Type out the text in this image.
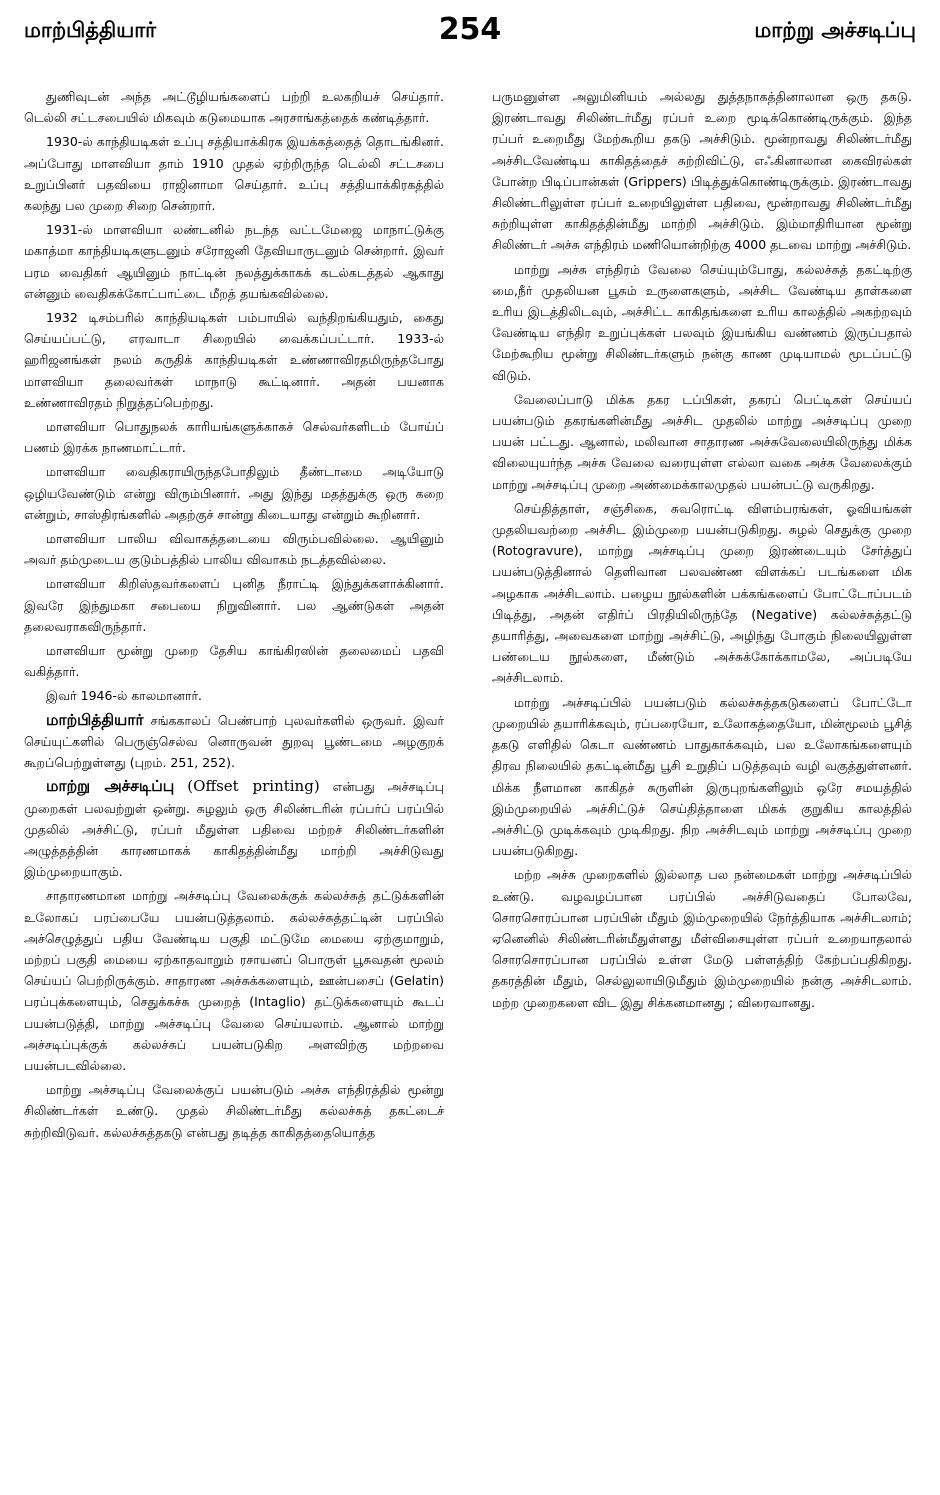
மாற்பித்தியார்	254	மாற்று அச்சடிப்பு

துணிவுடன் அந்த அட்டூழியங்களைப் பற்றி உலகறியச் செய்தார். டெல்லி சட்டசபையில் மிகவும் கடுமையாக அரசாங்கத்தைக் கண்டித்தார்.

1930-ல் காந்தியடிகள் உப்பு சத்தியாக்கிரக இயக்கத்தைத் தொடங்கினர். அப்போது மாளவியா தாம் 1910 முதல் ஏற்றிருந்த டெல்லி சட்டசபை உறுப்பினர் பதவியை ராஜினாமா செய்தார். உப்பு சத்தியாக்கிரகத்தில் கலந்து பல முறை சிறை சென்றார்.

1931-ல் மாளவியா லண்டனில் நடந்த வட்டமேஜை மாநாட்டுக்கு மகாத்மா காந்தியடிகளுடனும் சரோஜனி தேவியாருடனும் சென்றார். இவர் பரம வைதிகர் ஆயினும் நாட்டின் நலத்துக்காகக் கடல்கடத்தல் ஆகாது என்னும் வைதிகக்கோட்பாட்டை மீறத் தயங்கவில்லை.

1932 டிசம்பரில் காந்தியடிகள் பம்பாயில் வந்திறங்கியதும், கைது செய்யப்பட்டு, எரவாடா சிறையில் வைக்கப்பட்டார். 1933-ல் ஹரிஜனங்கள் நலம் கருதிக் காந்தியடிகள் உண்ணாவிரதமிருந்தபோது மாளவியா தலைவர்கள் மாநாடு கூட்டினார். அதன் பயனாக உண்ணாவிரதம் நிறுத்தப்பெற்றது.

மாளவியா பொதுநலக் காரியங்களுக்காகச் செல்வர்களிடம் போய்ப் பணம் இரக்க நாணமாட்டார்.

மாளவியா வைதிகராயிருந்தபோதிலும் தீண்டாமை அடியோடு ஒழியவேண்டும் என்று விரும்பினார். அது இந்து மதத்துக்கு ஒரு கறை என்றும், சாஸ்திரங்களில் அதற்குச் சான்று கிடையாது என்றும் கூறினார்.

மாளவியா பாலிய விவாகத்தடையை விரும்பவில்லை. ஆயினும் அவர் தம்முடைய குடும்பத்தில் பாலிய விவாகம் நடத்தவில்லை.

மாளவியா கிறிஸ்தவர்களைப் புனித நீராட்டி இந்துக்களாக்கினார். இவரே இந்துமகா சபையை நிறுவினார். பல ஆண்டுகள் அதன் தலைவராகவிருந்தார்.

மாளவியா மூன்று முறை தேசிய காங்கிரஸின் தலைமைப் பதவி வகித்தார்.

இவர் 1946-ல் காலமானார்.

மாற்பித்தியார் சங்ககாலப் பெண்பாற் புலவர்களில் ஒருவர். இவர் செய்யுட்களில் பெருஞ்செல்வ னொருவன் துறவு பூண்டமை அழகுறக் கூறப்பெற்றுள்ளது (புறம். 251, 252).

மாற்று அச்சடிப்பு (Offset printing) என்பது அச்சடிப்பு முறைகள் பலவற்றுள் ஒன்று. சுழலும் ஒரு சிலிண்டரின் ரப்பர்ப் பரப்பில் முதலில் அச்சிட்டு, ரப்பர் மீதுள்ள பதிவை மற்றச் சிலிண்டர்களின் அழுத்தத்தின் காரணமாகக் காகிதத்தின்மீது மாற்றி அச்சிடுவது இம்முறையாகும்.

சாதாரணமான மாற்று அச்சடிப்பு வேலைக்குக் கல்லச்சுத் தட்டுக்களின் உலோகப் பரப்பையே பயன்படுத்தலாம். கல்லச்சுத்தட்டின் பரப்பில் அச்செழுத்துப் பதிய வேண்டிய பகுதி மட்டுமே மையை ஏற்குமாறும், மற்றப் பகுதி மையை ஏற்காதவாறும் ரசாயனப் பொருள் பூசுவதன் மூலம் செய்யப் பெற்றிருக்கும். சாதாரண அச்சுக்களையும், ஊன்பசைப் (Gelatin) பரப்புக்களையும், செதுக்கச்சு முறைத் (Intaglio) தட்டுக்களையும் கூடப் பயன்படுத்தி, மாற்று அச்சடிப்பு வேலை செய்யலாம். ஆனால் மாற்று அச்சடிப்புக்குக் கல்லச்சுப் பயன்படுகிற அளவிற்கு மற்றவை பயன்படவில்லை.

மாற்று அச்சடிப்பு வேலைக்குப் பயன்படும் அச்சு எந்திரத்தில் மூன்று சிலிண்டர்கள் உண்டு. முதல் சிலிண்டர்மீது கல்லச்சுத் தகட்டைச் சுற்றிவிடுவர். கல்லச்சுத்தகடு என்பது தடித்த காகிதத்தையொத்த

பருமனுள்ள அலுமினியம் அல்லது துத்தநாகத்தினாலான ஒரு தகடு. இரண்டாவது சிலிண்டர்மீது ரப்பர் உறை மூடிக்கொண்டிருக்கும். இந்த ரப்பர் உறைமீது மேற்கூறிய தகடு அச்சிடும். மூன்றாவது சிலிண்டர்மீது அச்சிடவேண்டிய காகிதத்தைச் சுற்றிவிட்டு, எஃகினாலான கைவிரல்கள் போன்ற பிடிப்பான்கள் (Grippers) பிடித்துக்கொண்டிருக்கும். இரண்டாவது சிலிண்டரிலுள்ள ரப்பர் உறையிலுள்ள பதிவை, மூன்றாவது சிலிண்டர்மீது சுற்றியுள்ள காகிதத்தின்மீது மாற்றி அச்சிடும். இம்மாதிரியான மூன்று சிலிண்டர் அச்சு எந்திரம் மணியொன்றிற்கு 4000 தடவை மாற்று அச்சிடும்.

மாற்று அச்சு எந்திரம் வேலை செய்யும்போது, கல்லச்சுத் தகட்டிற்கு மை,நீர் முதலியன பூசும் உருளைகளும், அச்சிட வேண்டிய தாள்களை உரிய இடத்திலிடவும், அச்சிட்ட காகிதங்களை உரிய காலத்தில் அகற்றவும் வேண்டிய எந்திர உறுப்புக்கள் பலவும் இயங்கிய வண்ணம் இருப்பதால் மேற்கூறிய மூன்று சிலிண்டர்களும் நன்கு காண முடியாமல் மூடப்பட்டு விடும்.

வேலைப்பாடு மிக்க தகர டப்பிகள், தகரப் பெட்டிகள் செய்யப் பயன்படும் தகரங்களின்மீது அச்சிட முதலில் மாற்று அச்சடிப்பு முறை பயன் பட்டது. ஆனால், மலிவான சாதாரண அச்சுவேலையிலிருந்து மிக்க விலையுயர்ந்த அச்சு வேலை வரையுள்ள எல்லா வகை அச்சு வேலைக்கும் மாற்று அச்சடிப்பு முறை அண்மைக்காலமுதல் பயன்பட்டு வருகிறது.

செய்தித்தாள், சஞ்சிகை, சுவரொட்டி விளம்பரங்கள், ஓவியங்கள் முதலியவற்றை அச்சிட இம்முறை பயன்படுகிறது. சுழல் செதுக்கு முறை (Rotogravure), மாற்று அச்சடிப்பு முறை இரண்டையும் சேர்த்துப் பயன்படுத்தினால் தெளிவான பலவண்ண விளக்கப் படங்களை மிக அழகாக அச்சிடலாம். பழைய நூல்களின் பக்கங்களைப் போட்டோப்படம் பிடித்து, அதன் எதிர்ப் பிரதியிலிருந்தே (Negative) கல்லச்சுத்தட்டு தயாரித்து, அவைகளை மாற்று அச்சிட்டு, அழிந்து போகும் நிலையிலுள்ள பண்டைய நூல்களை, மீண்டும் அச்சுக்கோக்காமலே, அப்படியே அச்சிடலாம்.

மாற்று அச்சடிப்பில் பயன்படும் கல்லச்சுத்தகடுகளைப் போட்டோ முறையில் தயாரிக்கவும், ரப்பரையோ, உலோகத்தையோ, மின்மூலம் பூசித் தகடு எளிதில் கெடா வண்ணம் பாதுகாக்கவும், பல உலோகங்களையும் திரவ நிலையில் தகட்டின்மீது பூசி உறுதிப் படுத்தவும் வழி வகுத்துள்ளனர். மிக்க நீளமான காகிதச் சுருளின் இருபுறங்களிலும் ஒரே சமயத்தில் இம்முறையில் அச்சிட்டுச் செய்தித்தாளை மிகக் குறுகிய காலத்தில் அச்சிட்டு முடிக்கவும் முடிகிறது. நிற அச்சிடவும் மாற்று அச்சடிப்பு முறை பயன்படுகிறது.

மற்ற அச்சு முறைகளில் இல்லாத பல நன்மைகள் மாற்று அச்சடிப்பில் உண்டு. வழவழப்பான பரப்பில் அச்சிடுவதைப் போலவே, சொரசொரப்பான பரப்பின் மீதும் இம்முறையில் நேர்த்தியாக அச்சிடலாம்; ஏனெனில் சிலிண்டரின்மீதுள்ளது மீள்விசையுள்ள ரப்பர் உறையாதலால் சொரசொரப்பான பரப்பில் உள்ள மேடு பள்ளத்திற் கேற்பப்பதிகிறது. தகரத்தின் மீதும், செல்லுலாயிடுமீதும் இம்முறையில் நன்கு அச்சிடலாம். மற்ற முறைகளை விட இது சிக்கனமானது ; விரைவானது.
